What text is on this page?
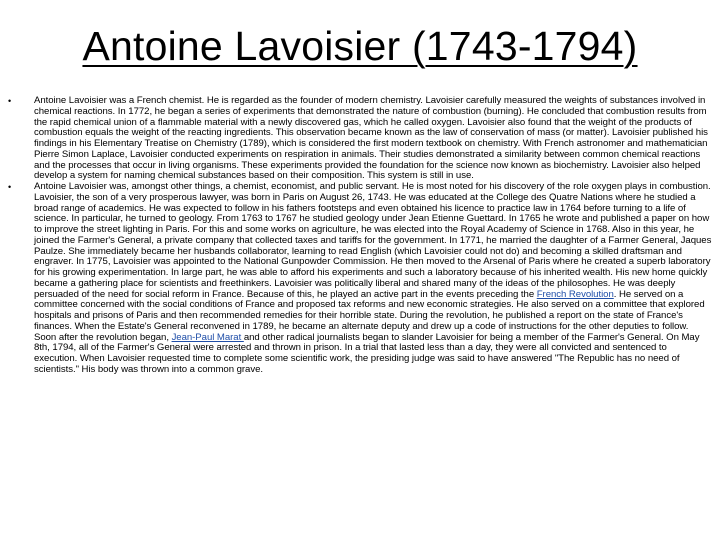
Antoine Lavoisier (1743-1794)
• Antoine Lavoisier was a French chemist. He is regarded as the founder of modern chemistry. Lavoisier carefully measured the weights of substances involved in chemical reactions. In 1772, he began a series of experiments that demonstrated the nature of combustion (burning). He concluded that combustion results from the rapid chemical union of a flammable material with a newly discovered gas, which he called oxygen. Lavoisier also found that the weight of the products of combustion equals the weight of the reacting ingredients. This observation became known as the law of conservation of mass (or matter). Lavoisier published his findings in his Elementary Treatise on Chemistry (1789), which is considered the first modern textbook on chemistry. With French astronomer and mathematician Pierre Simon Laplace, Lavoisier conducted experiments on respiration in animals. Their studies demonstrated a similarity between common chemical reactions and the processes that occur in living organisms. These experiments provided the foundation for the science now known as biochemistry. Lavoisier also helped develop a system for naming chemical substances based on their composition. This system is still in use.
• Antoine Lavoisier was, amongst other things, a chemist, economist, and public servant. He is most noted for his discovery of the role oxygen plays in combustion. Lavoisier, the son of a very prosperous lawyer, was born in Paris on August 26, 1743. He was educated at the College des Quatre Nations where he studied a broad range of academics. He was expected to follow in his fathers footsteps and even obtained his licence to practice law in 1764 before turning to a life of science. In particular, he turned to geology. From 1763 to 1767 he studied geology under Jean Etienne Guettard. In 1765 he wrote and published a paper on how to improve the street lighting in Paris. For this and some works on agriculture, he was elected into the Royal Academy of Science in 1768. Also in this year, he joined the Farmer's General, a private company that collected taxes and tariffs for the government. In 1771, he married the daughter of a Farmer General, Jaques Paulze. She immediately became her husbands collaborator, learning to read English (which Lavoisier could not do) and becoming a skilled draftsman and engraver. In 1775, Lavoisier was appointed to the National Gunpowder Commission. He then moved to the Arsenal of Paris where he created a superb laboratory for his growing experimentation. In large part, he was able to afford his experiments and such a laboratory because of his inherited wealth. His new home quickly became a gathering place for scientists and freethinkers. Lavoisier was politically liberal and shared many of the ideas of the philosophes. He was deeply persuaded of the need for social reform in France. Because of this, he played an active part in the events preceding the French Revolution. He served on a committee concerned with the social conditions of France and proposed tax reforms and new economic strategies. He also served on a committee that explored hospitals and prisons of Paris and then recommended remedies for their horrible state. During the revolution, he published a report on the state of France's finances. When the Estate's General reconvened in 1789, he became an alternate deputy and drew up a code of instructions for the other deputies to follow. Soon after the revolution began, Jean-Paul Marat and other radical journalists began to slander Lavoisier for being a member of the Farmer's General. On May 8th, 1794, all of the Farmer's General were arrested and thrown in prison. In a trial that lasted less than a day, they were all convicted and sentenced to execution. When Lavoisier requested time to complete some scientific work, the presiding judge was said to have answered "The Republic has no need of scientists." His body was thrown into a common grave.
